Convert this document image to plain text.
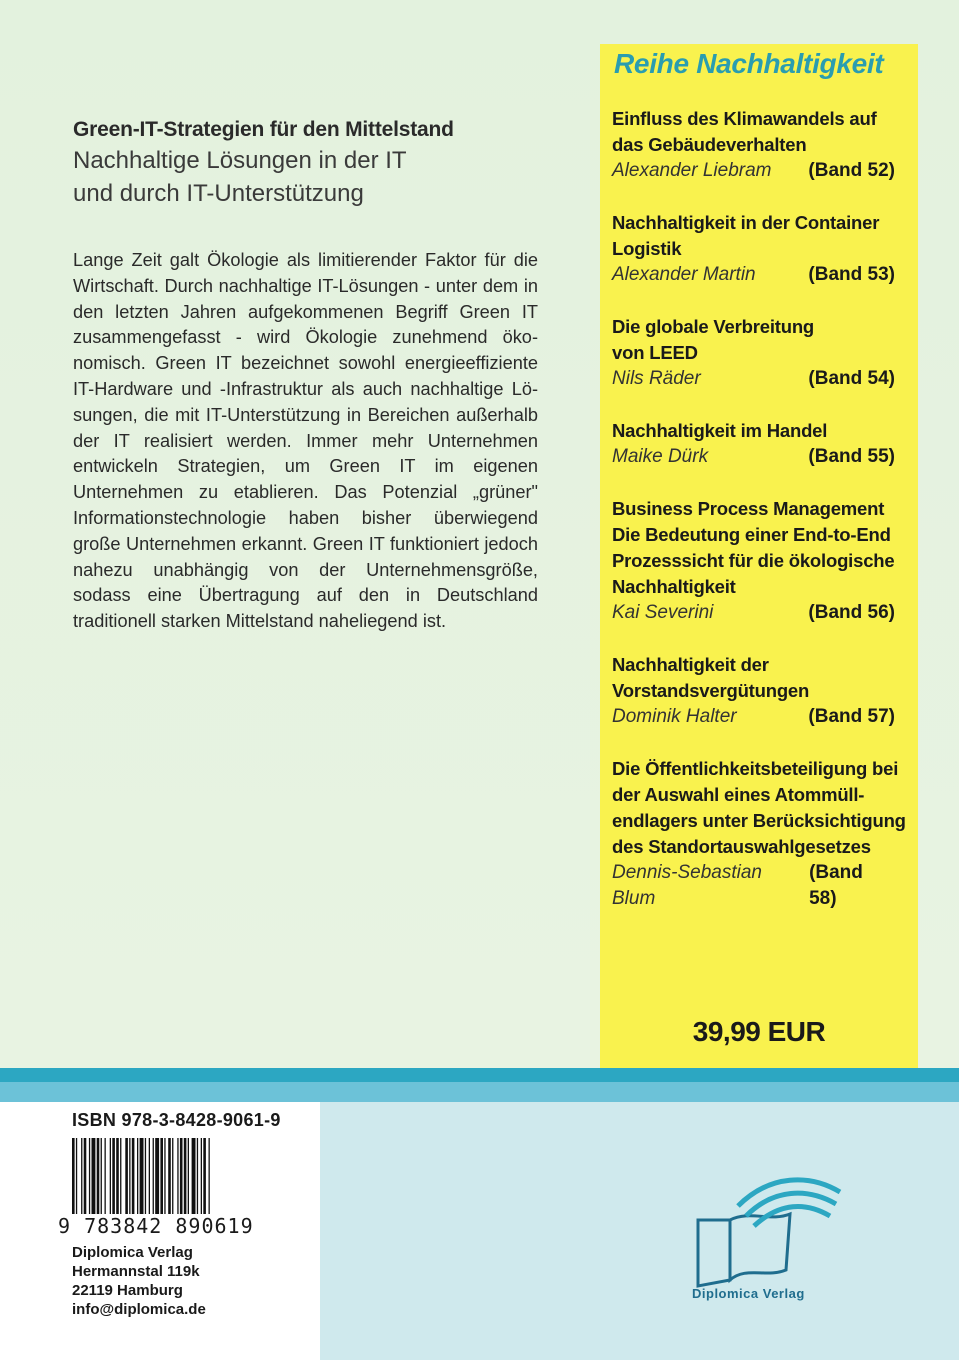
Green-IT-Strategien für den Mittelstand
Nachhaltige Lösungen in der IT
und durch IT-Unterstützung
Lange Zeit galt Ökologie als limitierender Faktor für die Wirtschaft. Durch nachhaltige IT-Lösungen - unter dem in den letzten Jahren aufgekommenen Begriff Green IT zusammengefasst - wird Ökologie zunehmend ökonomisch. Green IT bezeichnet sowohl energieeffiziente IT-Hardware und -Infrastruktur als auch nachhaltige Lösungen, die mit IT-Unterstützung in Bereichen außerhalb der IT realisiert werden. Immer mehr Unternehmen entwickeln Strategien, um Green IT im eigenen Unternehmen zu etablieren. Das Potenzial „grüner" Informationstechnologie haben bisher überwiegend große Unternehmen erkannt. Green IT funktioniert jedoch nahezu unabhängig von der Unternehmensgröße, sodass eine Übertragung auf den in Deutschland traditionell starken Mittelstand naheliegend ist.
Reihe Nachhaltigkeit
Einfluss des Klimawandels auf
das Gebäudeverhalten
Alexander Liebram (Band 52)
Nachhaltigkeit in der Container
Logistik
Alexander Martin	(Band 53)
Die globale Verbreitung
von LEED
Nils Räder	(Band 54)
Nachhaltigkeit im Handel
Maike Dürk	(Band 55)
Business Process Management
Die Bedeutung einer End-to-End
Prozesssicht für die ökologische
Nachhaltigkeit
Kai Severini	(Band 56)
Nachhaltigkeit der
Vorstandsvergütungen
Dominik Halter	(Band 57)
Die Öffentlichkeitsbeteiligung bei
der Auswahl eines Atommüll-
endlagers unter Berücksichtigung
des Standortauswahlgesetzes
Dennis-Sebastian Blum
(Band 58)
39,99 EUR
ISBN 978-3-8428-9061-9
9 783842 890619
Diplomica Verlag
Hermannstal 119k
22119 Hamburg
info@diplomica.de
Diplomica Verlag
